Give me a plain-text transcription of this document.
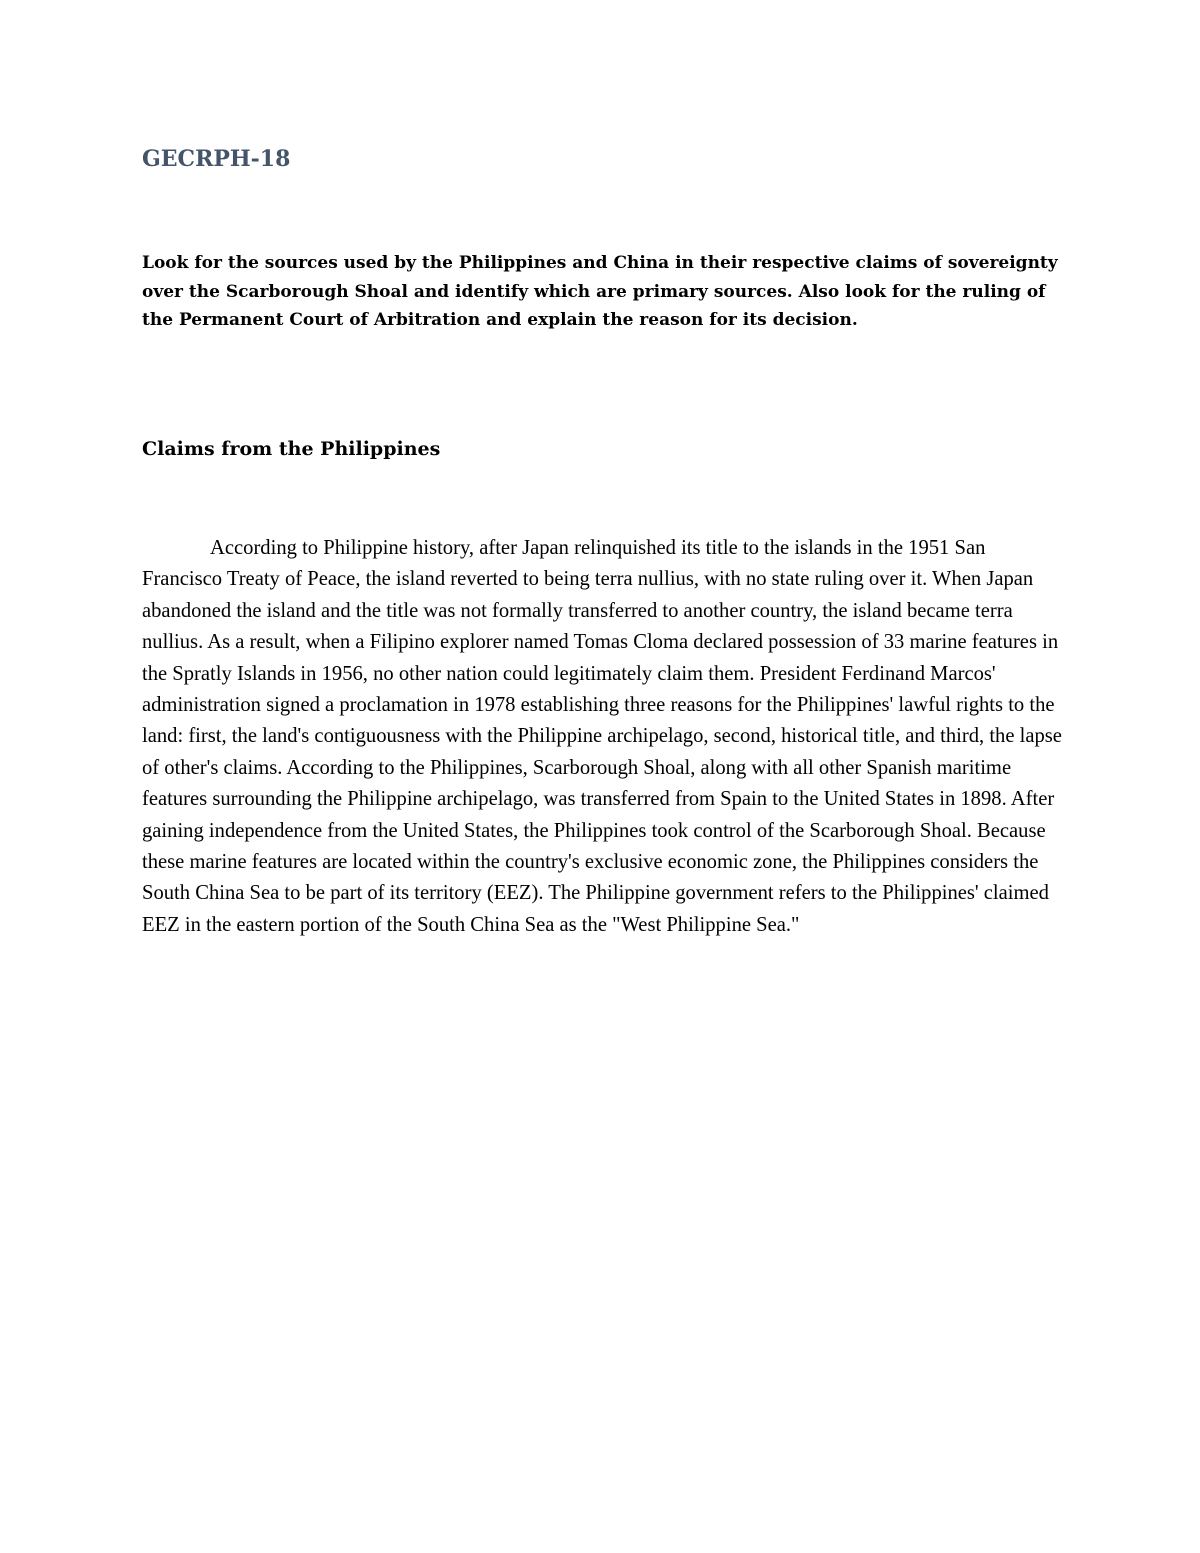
GECRPH-18

Look for the sources used by the Philippines and China in their respective claims of sovereignty over the Scarborough Shoal and identify which are primary sources. Also look for the ruling of the Permanent Court of Arbitration and explain the reason for its decision.

Claims from the Philippines

According to Philippine history, after Japan relinquished its title to the islands in the 1951 San Francisco Treaty of Peace, the island reverted to being terra nullius, with no state ruling over it. When Japan abandoned the island and the title was not formally transferred to another country, the island became terra nullius. As a result, when a Filipino explorer named Tomas Cloma declared possession of 33 marine features in the Spratly Islands in 1956, no other nation could legitimately claim them. President Ferdinand Marcos' administration signed a proclamation in 1978 establishing three reasons for the Philippines' lawful rights to the land: first, the land's contiguousness with the Philippine archipelago, second, historical title, and third, the lapse of other's claims. According to the Philippines, Scarborough Shoal, along with all other Spanish maritime features surrounding the Philippine archipelago, was transferred from Spain to the United States in 1898. After gaining independence from the United States, the Philippines took control of the Scarborough Shoal. Because these marine features are located within the country's exclusive economic zone, the Philippines considers the South China Sea to be part of its territory (EEZ). The Philippine government refers to the Philippines' claimed EEZ in the eastern portion of the South China Sea as the "West Philippine Sea."
